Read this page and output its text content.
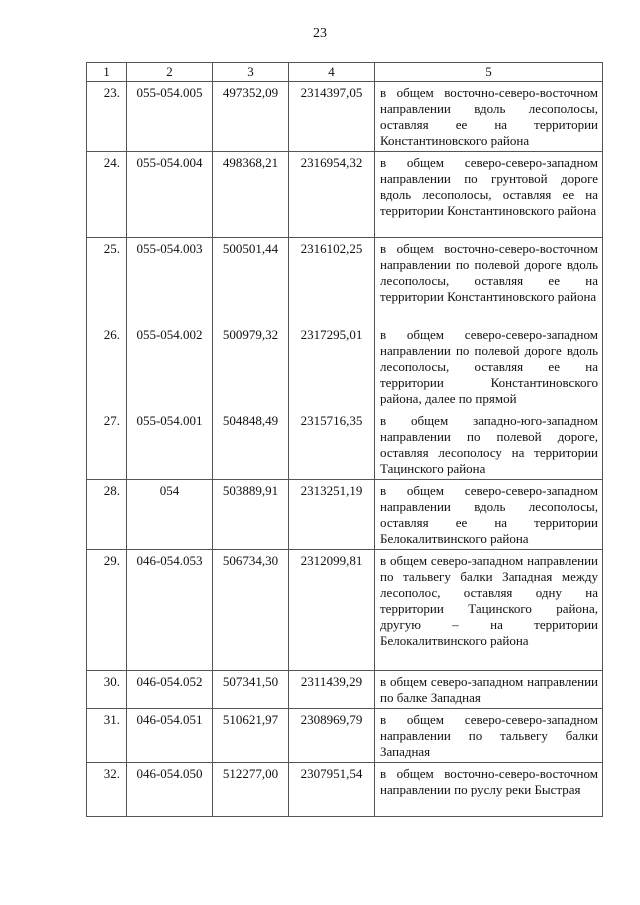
23
1	2	3	4	5
23.	055-054.005	497352,09	2314397,05	в общем восточно-северо-восточном направлении вдоль лесополосы, оставляя ее на территории Константиновского района
24.	055-054.004	498368,21	2316954,32	в общем северо-северо-западном направлении по грунтовой дороге вдоль лесополосы, оставляя ее на территории Константиновского района
25.	055-054.003	500501,44	2316102,25	в общем восточно-северо-восточном направлении по полевой дороге вдоль лесополосы, оставляя ее на территории Константиновского района
26.	055-054.002	500979,32	2317295,01	в общем северо-северо-западном направлении по полевой дороге вдоль лесополосы, оставляя ее на территории Константиновского района, далее по прямой
27.	055-054.001	504848,49	2315716,35	в общем западно-юго-западном направлении по полевой дороге, оставляя лесополосу на территории Тацинского района
28.	054	503889,91	2313251,19	в общем северо-северо-западном направлении вдоль лесополосы, оставляя ее на территории Белокалитвинского района
29.	046-054.053	506734,30	2312099,81	в общем северо-западном направлении по тальвегу балки Западная между лесополос, оставляя одну на территории Тацинского района, другую – на территории Белокалитвинского района
30.	046-054.052	507341,50	2311439,29	в общем северо-западном направлении по балке Западная
31.	046-054.051	510621,97	2308969,79	в общем северо-северо-западном направлении по тальвегу балки Западная
32.	046-054.050	512277,00	2307951,54	в общем восточно-северо-восточном направлении по руслу реки Быстрая
